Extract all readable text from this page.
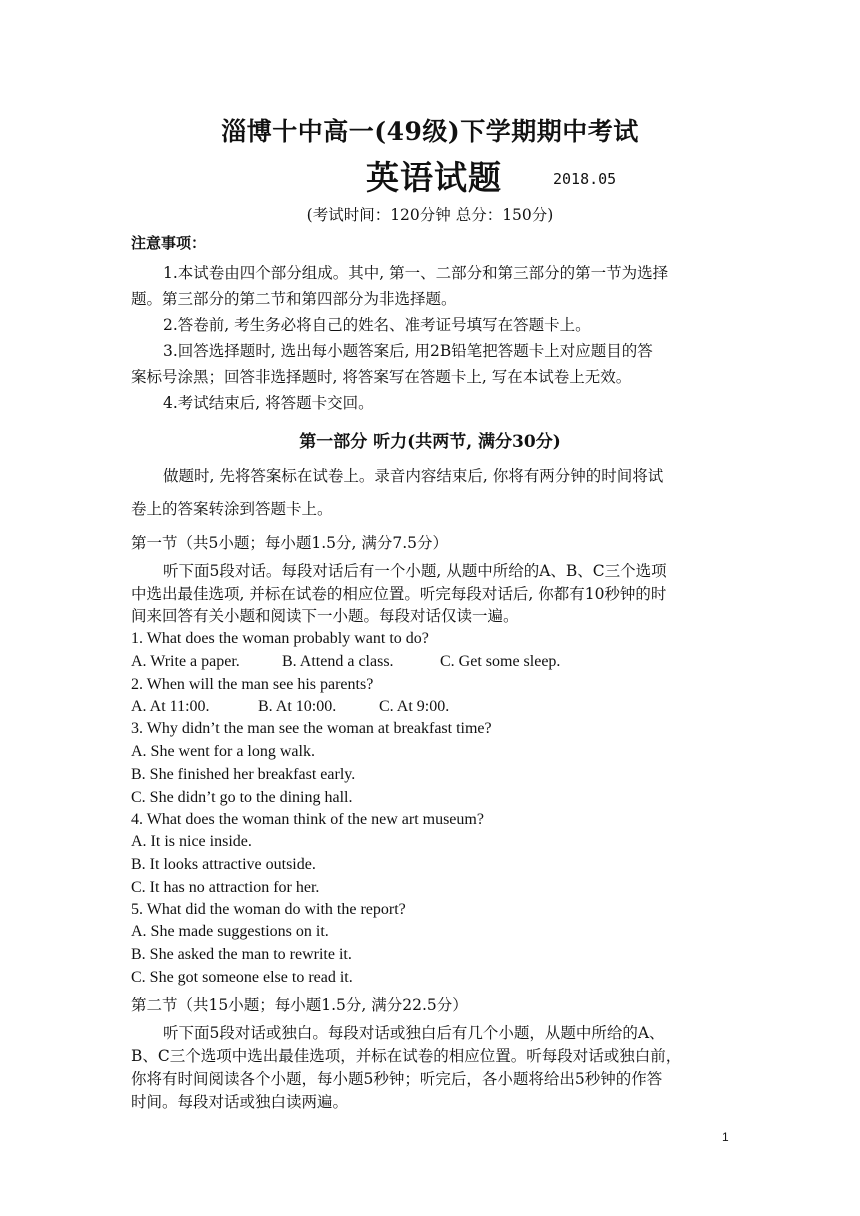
淄博十中高一(49级)下学期期中考试
英语试题	2018.05
(考试时间：120分钟 总分：150分)
注意事项：
1.本试卷由四个部分组成。其中, 第一、二部分和第三部分的第一节为选择
题。第三部分的第二节和第四部分为非选择题。
2.答卷前, 考生务必将自己的姓名、准考证号填写在答题卡上。
3.回答选择题时, 选出每小题答案后, 用2B铅笔把答题卡上对应题目的答
案标号涂黑；回答非选择题时, 将答案写在答题卡上, 写在本试卷上无效。
4.考试结束后, 将答题卡交回。
第一部分 听力(共两节, 满分30分)
做题时, 先将答案标在试卷上。录音内容结束后, 你将有两分钟的时间将试
卷上的答案转涂到答题卡上。
第一节（共5小题；每小题1.5分, 满分7.5分）
听下面5段对话。每段对话后有一个小题, 从题中所给的A、B、C三个选项
中选出最佳选项, 并标在试卷的相应位置。听完每段对话后, 你都有10秒钟的时
间来回答有关小题和阅读下一小题。每段对话仅读一遍。
1. What does the woman probably want to do?
A. Write a paper.	B. Attend a class.	C. Get some sleep.
2. When will the man see his parents?
A. At 11:00.	B. At 10:00.	C. At 9:00.
3. Why didn’t the man see the woman at breakfast time?
A. She went for a long walk.
B. She finished her breakfast early.
C. She didn’t go to the dining hall.
4. What does the woman think of the new art museum?
A. It is nice inside.
B. It looks attractive outside.
C. It has no attraction for her.
5. What did the woman do with the report?
A. She made suggestions on it.
B. She asked the man to rewrite it.
C. She got someone else to read it.
第二节（共15小题；每小题1.5分, 满分22.5分）
听下面5段对话或独白。每段对话或独白后有几个小题，从题中所给的A、
B、C三个选项中选出最佳选项，并标在试卷的相应位置。听每段对话或独白前，
你将有时间阅读各个小题，每小题5秒钟；听完后，各小题将给出5秒钟的作答
时间。每段对话或独白读两遍。
1
